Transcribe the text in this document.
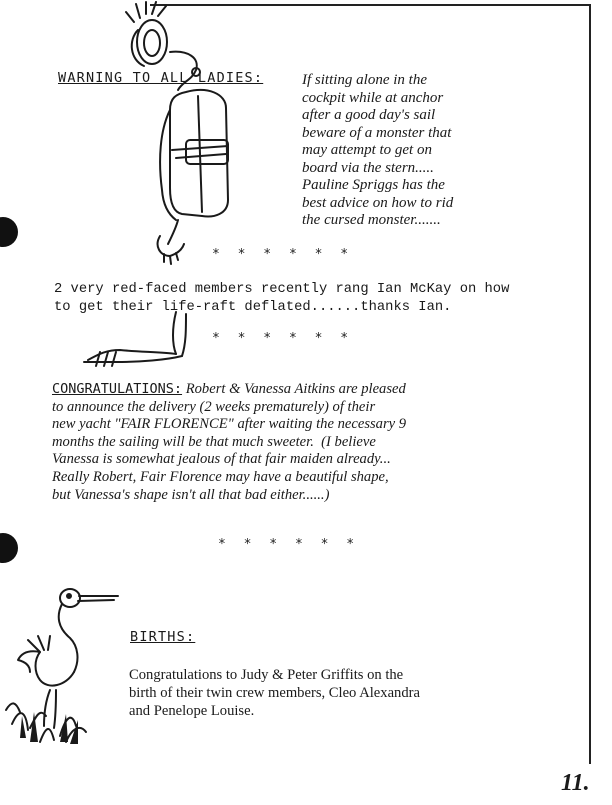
WARNING TO ALL LADIES:	If sitting alone in the
cockpit while at anchor
after a good day's sail
beware of a monster that
may attempt to get on
board via the stern.....
Pauline Spriggs has the
best advice on how to rid
the cursed monster.......
* * * * * *
2 very red-faced members recently rang Ian McKay on how
to get their life-raft deflated......thanks Ian.
* * * * * *
CONGRATULATIONS: Robert & Vanessa Aitkins are pleased
to announce the delivery (2 weeks prematurely) of their
new yacht "FAIR FLORENCE" after waiting the necessary 9
months the sailing will be that much sweeter.  (I believe
Vanessa is somewhat jealous of that fair maiden already...
Really Robert, Fair Florence may have a beautiful shape,
but Vanessa's shape isn't all that bad either......)
* * * * * *
BIRTHS:
Congratulations to Judy & Peter Griffits on the
birth of their twin crew members, Cleo Alexandra
and Penelope Louise.
11.
